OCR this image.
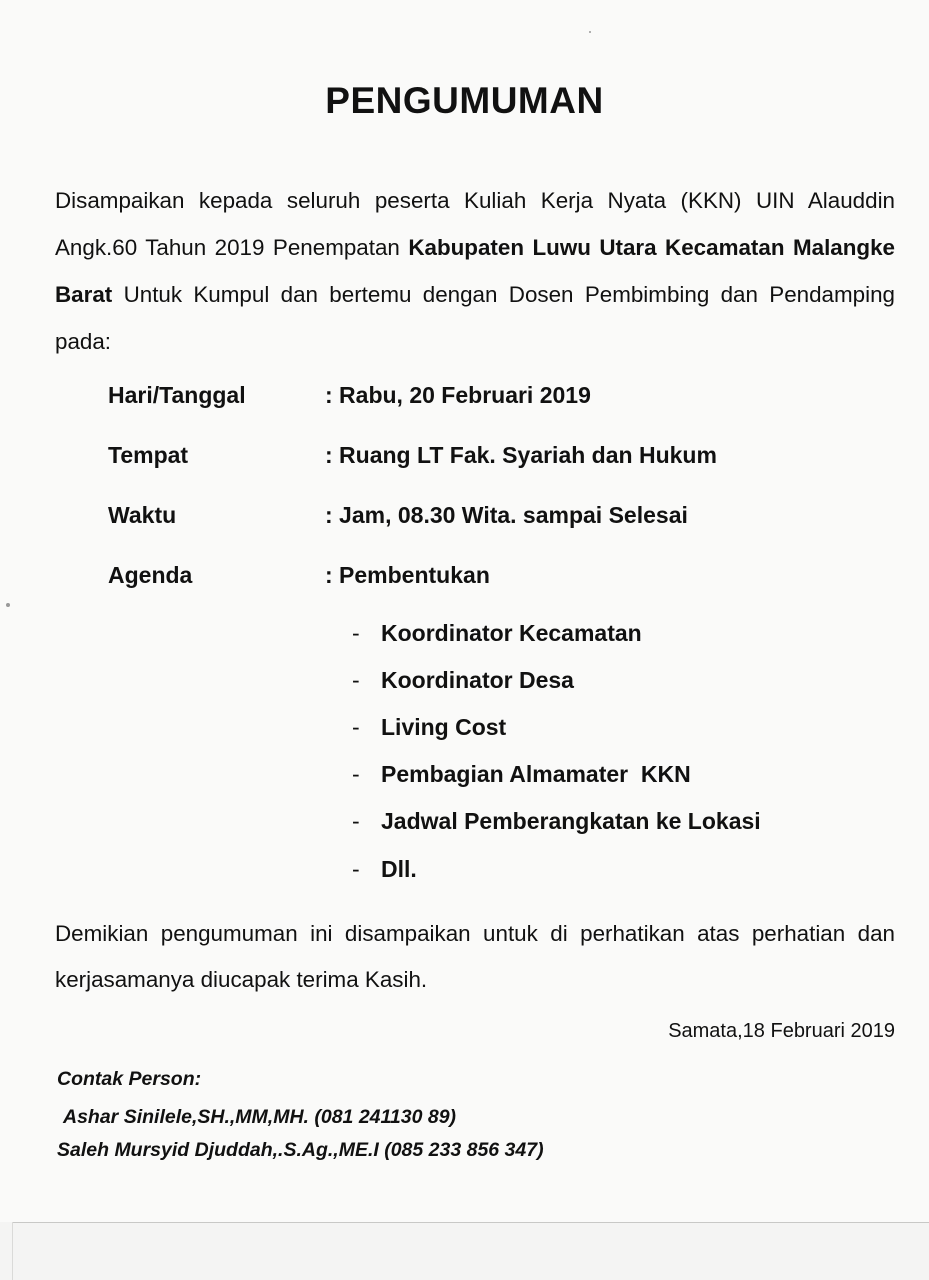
PENGUMUMAN

Disampaikan kepada seluruh peserta Kuliah Kerja Nyata (KKN) UIN Alauddin Angk.60 Tahun 2019 Penempatan Kabupaten Luwu Utara Kecamatan Malangke Barat Untuk Kumpul dan bertemu dengan Dosen Pembimbing dan Pendamping pada:

Hari/Tanggal	: Rabu, 20 Februari 2019
Tempat	: Ruang LT Fak. Syariah dan Hukum
Waktu	: Jam, 08.30 Wita. sampai Selesai
Agenda	: Pembentukan
- Koordinator Kecamatan
- Koordinator Desa
- Living Cost
- Pembagian Almamater  KKN
- Jadwal Pemberangkatan ke Lokasi
- Dll.

Demikian pengumuman ini disampaikan untuk di perhatikan atas perhatian dan kerjasamanya diucapak terima Kasih.

Samata,18 Februari 2019
Contak Person:
Ashar Sinilele,SH.,MM,MH. (081 241130 89)
Saleh Mursyid Djuddah,.S.Ag.,ME.I (085 233 856 347)
